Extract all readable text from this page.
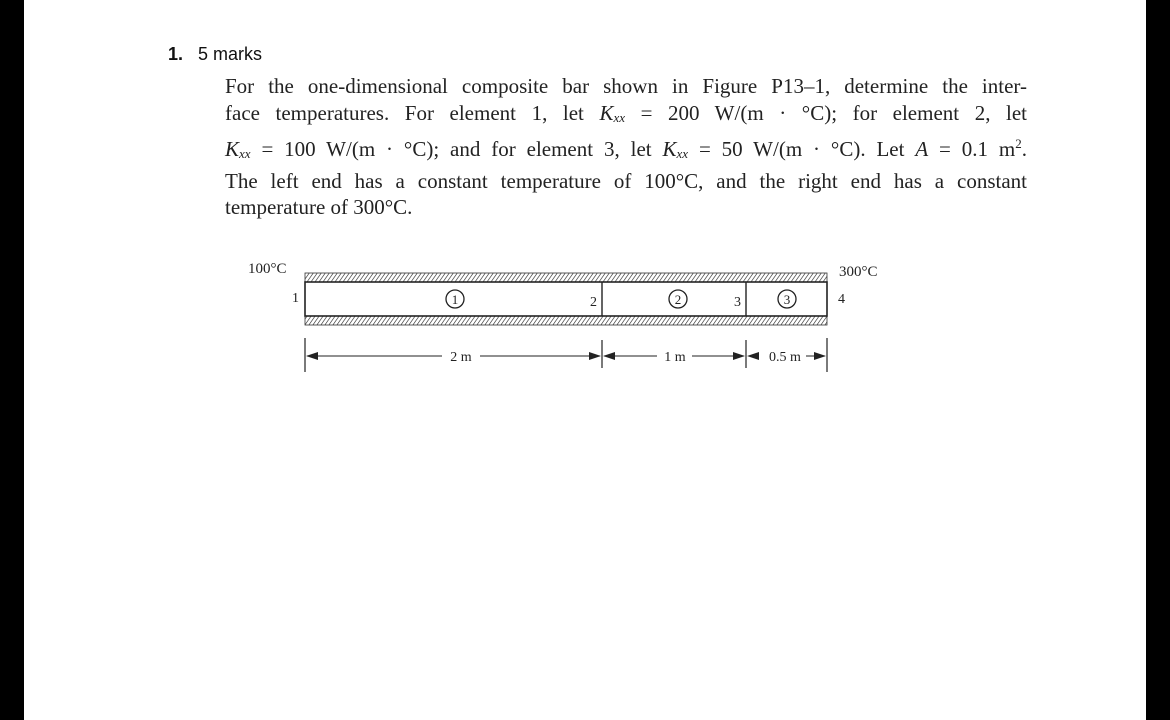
1. 5 marks
For the one-dimensional composite bar shown in Figure P13–1, determine the inter-
face temperatures. For element 1, let Kxx = 200 W/(m · °C); for element 2, let
Kxx = 100 W/(m · °C); and for element 3, let Kxx = 50 W/(m · °C). Let A = 0.1 $m^2$.
The left end has a constant temperature of 100°C, and the right end has a constant
temperature of 300°C.
100°C	300°C
1	2	3	4
1	2	3
2 m	1 m	0.5 m
